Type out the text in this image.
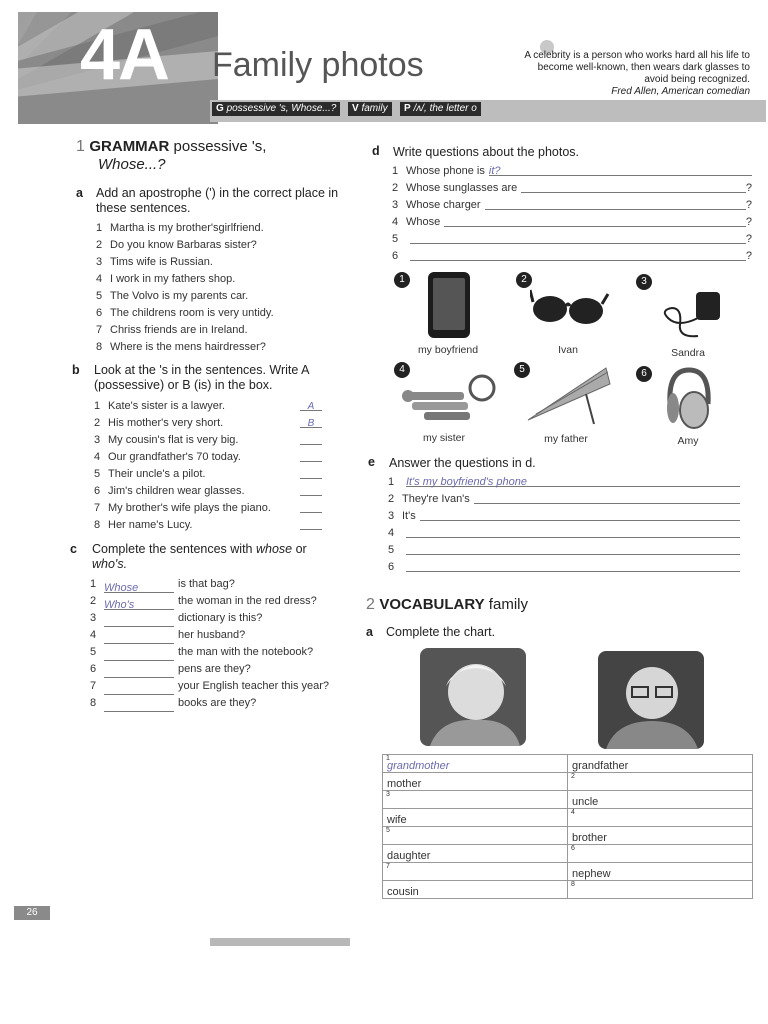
4A Family photos
G possessive 's, Whose...?	V family	P /ʌ/, the letter o
A celebrity is a person who works hard all his life to become well-known, then wears dark glasses to avoid being recognized.
Fred Allen, American comedian
1 GRAMMAR possessive 's,
Whose...?
a Add an apostrophe (') in the correct place in these sentences.
1 Martha is my brother'sgirlfriend.
2 Do you know Barbaras sister?
3 Tims wife is Russian.
4 I work in my fathers shop.
5 The Volvo is my parents car.
6 The childrens room is very untidy.
7 Chriss friends are in Ireland.
8 Where is the mens hairdresser?
b Look at the 's in the sentences. Write A (possessive) or B (is) in the box.
1 Kate's sister is a lawyer.	A
2 His mother's very short.	B
3 My cousin's flat is very big.
4 Our grandfather's 70 today.
5 Their uncle's a pilot.
6 Jim's children wear glasses.
7 My brother's wife plays the piano.
8 Her name's Lucy.
c Complete the sentences with whose or
who's.
1 Whose	is that bag?
2 Who's	the woman in the red dress?
3	dictionary is this?
4	her husband?
5	the man with the notebook?
6	pens are they?
7	your English teacher this year?
8	books are they?
d Write questions about the photos.
1 Whose phone is it?
2 Whose sunglasses are	?
3 Whose charger	?
4 Whose	?
5	?
6	?
1
my boyfriend
2
Ivan
3
Sandra
4
my sister
5
my father
6
Amy
e Answer the questions in d.
1	It's my boyfriend's phone
2 They're Ivan's
3 It's
4
5
6
2 VOCABULARY family
a Complete the chart.
1
grandmother	grandfather

mother	2

3	uncle

wife	4

5	brother

daughter	6

7	nephew

cousin	8
26
